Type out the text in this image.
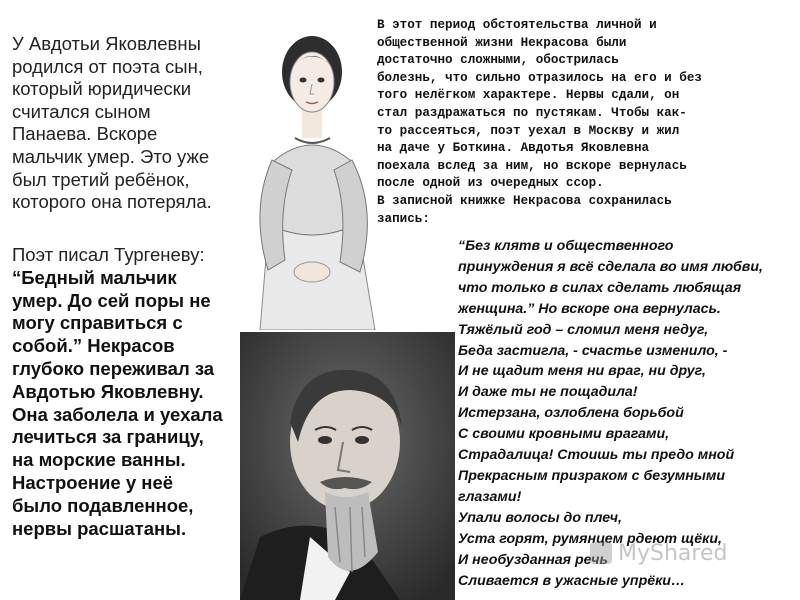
У Авдотьи Яковлевны
родился от поэта сын,
который юридически
считался сыном
Панаева. Вскоре
мальчик умер. Это уже
был третий ребёнок,
которого она потеряла.
Поэт писал Тургеневу:
“Бедный мальчик
умер. До сей поры не
могу справиться с
собой.” Некрасов
глубоко переживал за
Авдотью Яковлевну.
Она заболела и уехала
лечиться за границу,
на морские ванны.
Настроение у неё
было подавленное,
нервы расшатаны.
В этот период обстоятельства личной и
общественной жизни Некрасова были
достаточно сложными, обострилась
болезнь, что сильно отразилось на его и без
того нелёгком характере. Нервы сдали, он
стал раздражаться по пустякам. Чтобы как-
то рассеяться, поэт уехал в Москву и жил
на даче у Боткина. Авдотья Яковлевна
поехала вслед за ним, но вскоре вернулась
после одной из очередных ссор.
В записной книжке Некрасова сохранилась
запись:
“Без клятв и общественного
принуждения я всё сделала во имя любви,
что только в силах сделать любящая
женщина.” Но вскоре она вернулась.
Тяжёлый год – сломил меня недуг,
Беда застигла, - счастье изменило, -
И не щадит меня ни враг, ни друг,
И даже ты не пощадила!
Истерзана, озлоблена борьбой
С своими кровными врагами,
Страдалица! Стоишь ты предо мной
Прекрасным призраком с безумными
глазами!
Упали волосы до плеч,
Уста горят, румянцем рдеют щёки,
И необузданная речь
Сливается в ужасные упрёки…
MyShared
